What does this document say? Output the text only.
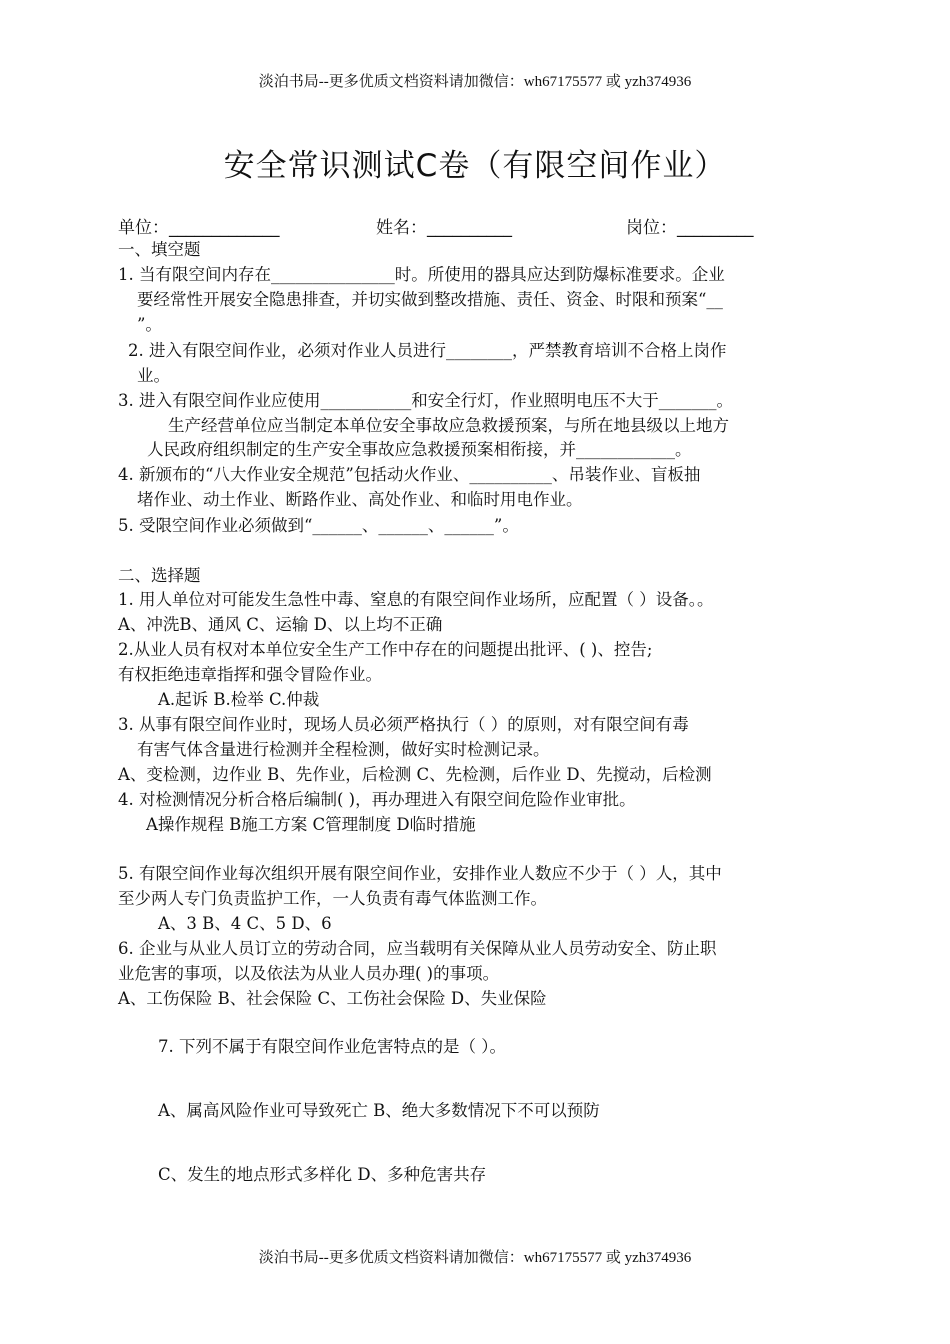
淡泊书局--更多优质文档资料请加微信：wh67175577 或 yzh374936
安全常识测试C卷（有限空间作业）
单位：_____________	姓名：__________	岗位：_________
一、填空题
1. 当有限空间内存在_______________时。所使用的器具应达到防爆标准要求。企业
要经常性开展安全隐患排查，并切实做到整改措施、责任、资金、时限和预案“__
”。
2. 进入有限空间作业，必须对作业人员进行________，严禁教育培训不合格上岗作
业。
3. 进入有限空间作业应使用___________和安全行灯，作业照明电压不大于_______。
生产经营单位应当制定本单位安全事故应急救援预案，与所在地县级以上地方
人民政府组织制定的生产安全事故应急救援预案相衔接，并____________。
4. 新颁布的“八大作业安全规范”包括动火作业、__________、吊装作业、盲板抽
堵作业、动土作业、断路作业、高处作业、和临时用电作业。
5. 受限空间作业必须做到“______、______、______”。
二、选择题
1. 用人单位对可能发生急性中毒、窒息的有限空间作业场所，应配置（ ）设备。。
A、冲洗B、通风 C、运输 D、以上均不正确
2.从业人员有权对本单位安全生产工作中存在的问题提出批评、( )、控告;
有权拒绝违章指挥和强令冒险作业。
A.起诉 B.检举 C.仲裁
3. 从事有限空间作业时，现场人员必须严格执行（ ）的原则，对有限空间有毒
有害气体含量进行检测并全程检测，做好实时检测记录。
A、变检测，边作业 B、先作业，后检测 C、先检测，后作业 D、先搅动，后检测
4. 对检测情况分析合格后编制( )，再办理进入有限空间危险作业审批。
A操作规程 B施工方案 C管理制度 D临时措施
5. 有限空间作业每次组织开展有限空间作业，安排作业人数应不少于（ ）人，其中
至少两人专门负责监护工作，一人负责有毒气体监测工作。
A、3 B、4 C、5 D、6
6. 企业与从业人员订立的劳动合同，应当载明有关保障从业人员劳动安全、防止职
业危害的事项，以及依法为从业人员办理( )的事项。
A、工伤保险 B、社会保险 C、工伤社会保险 D、失业保险
7. 下列不属于有限空间作业危害特点的是（ ）。
A、属高风险作业可导致死亡 B、绝大多数情况下不可以预防
C、发生的地点形式多样化 D、多种危害共存
淡泊书局--更多优质文档资料请加微信：wh67175577 或 yzh374936
